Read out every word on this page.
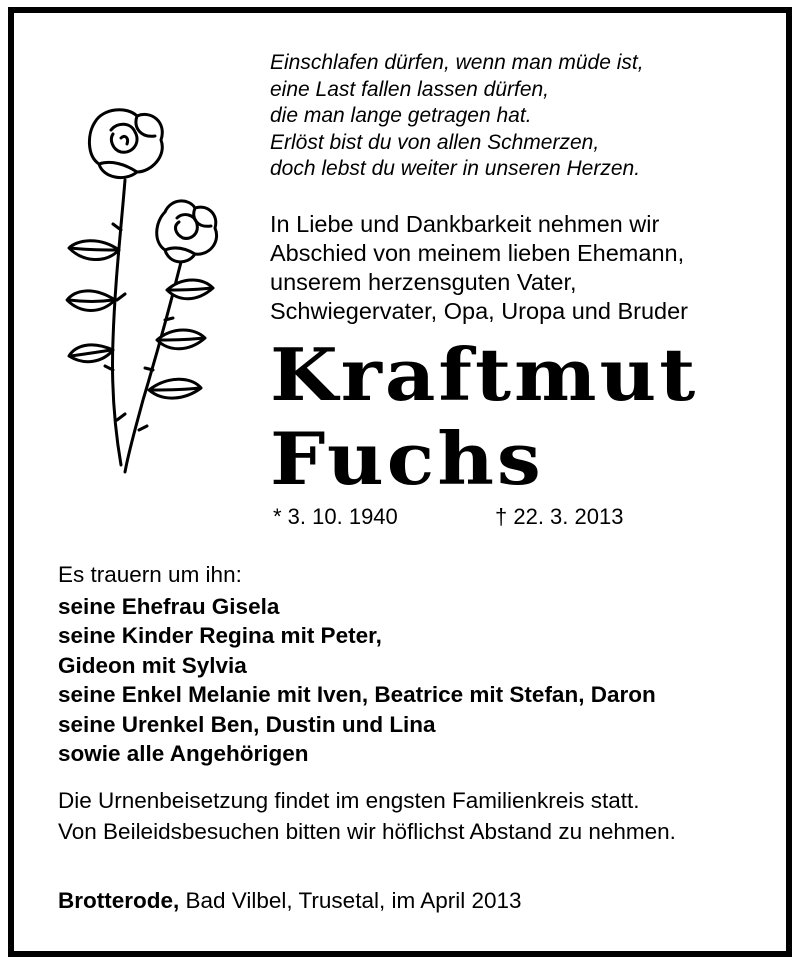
Einschlafen dürfen, wenn man müde ist,
eine Last fallen lassen dürfen,
die man lange getragen hat.
Erlöst bist du von allen Schmerzen,
doch lebst du weiter in unseren Herzen.
In Liebe und Dankbarkeit nehmen wir
Abschied von meinem lieben Ehemann,
unserem herzensguten Vater,
Schwiegervater, Opa, Uropa und Bruder
Kraftmut
Fuchs
* 3. 10. 1940	† 22. 3. 2013
Es trauern um ihn:
seine Ehefrau Gisela
seine Kinder Regina mit Peter,
Gideon mit Sylvia
seine Enkel Melanie mit Iven, Beatrice mit Stefan, Daron
seine Urenkel Ben, Dustin und Lina
sowie alle Angehörigen
Die Urnenbeisetzung findet im engsten Familienkreis statt.
Von Beileidsbesuchen bitten wir höflichst Abstand zu nehmen.
Brotterode, Bad Vilbel, Trusetal, im April 2013
